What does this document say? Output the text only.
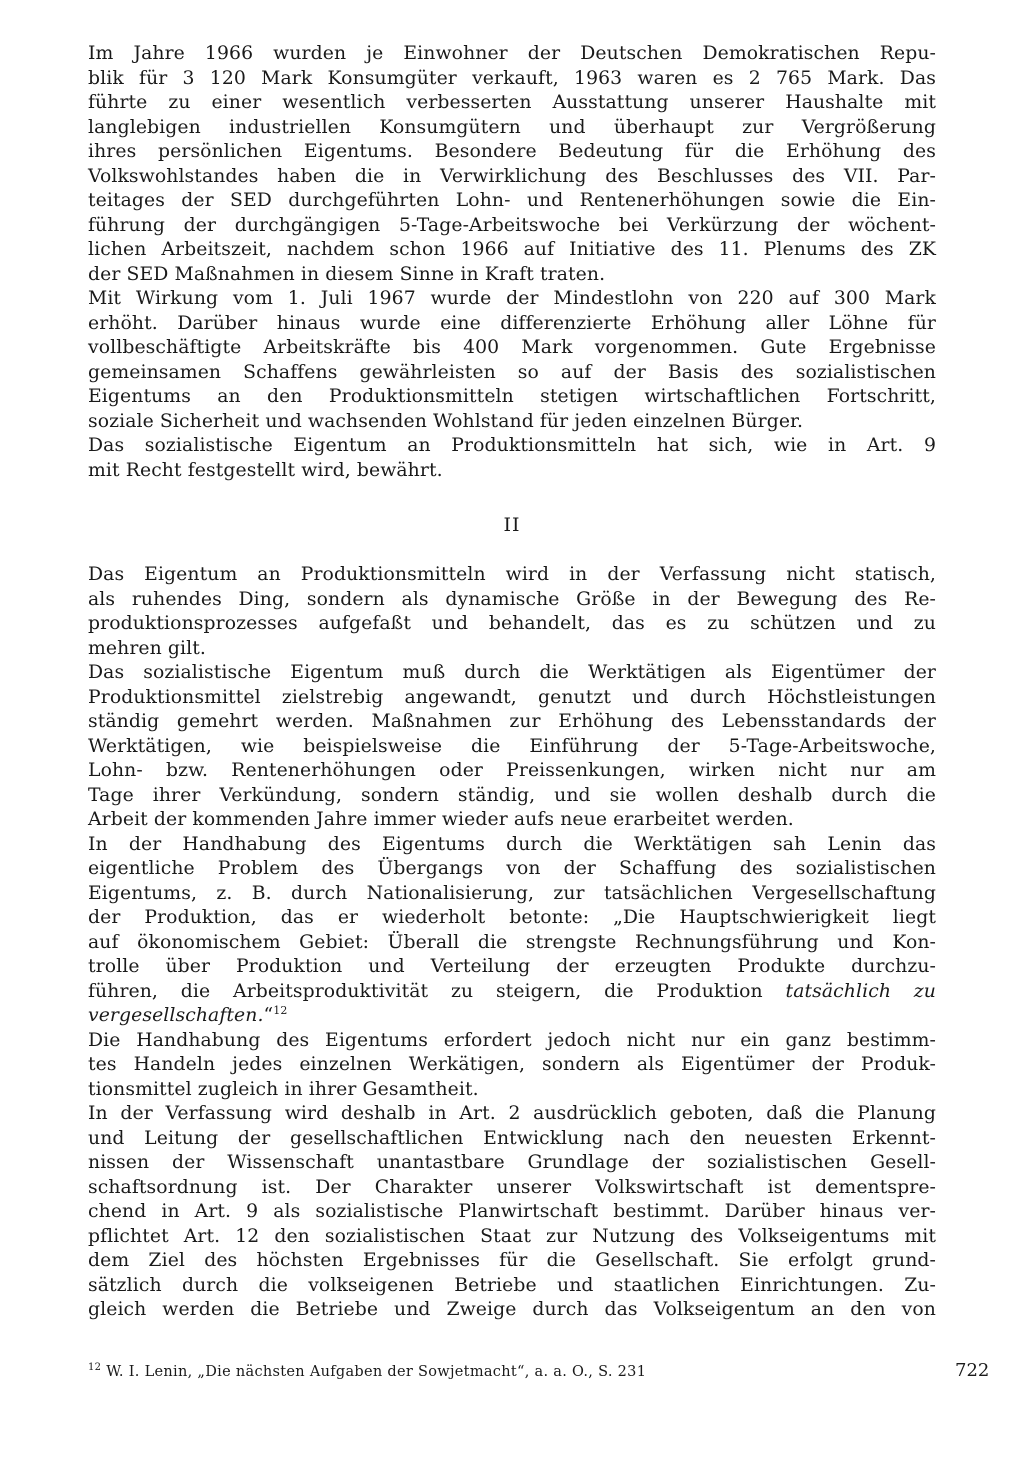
Im Jahre 1966 wurden je Einwohner der Deutschen Demokratischen Repu-
blik für 3 120 Mark Konsumgüter verkauft, 1963 waren es 2 765 Mark. Das
führte zu einer wesentlich verbesserten Ausstattung unserer Haushalte mit
langlebigen industriellen Konsumgütern und überhaupt zur Vergrößerung
ihres persönlichen Eigentums. Besondere Bedeutung für die Erhöhung des
Volkswohlstandes haben die in Verwirklichung des Beschlusses des VII. Par-
teitages der SED durchgeführten Lohn- und Rentenerhöhungen sowie die Ein-
führung der durchgängigen 5-Tage-Arbeitswoche bei Verkürzung der wöchent-
lichen Arbeitszeit, nachdem schon 1966 auf Initiative des 11. Plenums des ZK
der SED Maßnahmen in diesem Sinne in Kraft traten.
Mit Wirkung vom 1. Juli 1967 wurde der Mindestlohn von 220 auf 300 Mark
erhöht. Darüber hinaus wurde eine differenzierte Erhöhung aller Löhne für
vollbeschäftigte Arbeitskräfte bis 400 Mark vorgenommen. Gute Ergebnisse
gemeinsamen Schaffens gewährleisten so auf der Basis des sozialistischen
Eigentums an den Produktionsmitteln stetigen wirtschaftlichen Fortschritt,
soziale Sicherheit und wachsenden Wohlstand für jeden einzelnen Bürger.
Das sozialistische Eigentum an Produktionsmitteln hat sich, wie in Art. 9
mit Recht festgestellt wird, bewährt.
II
Das Eigentum an Produktionsmitteln wird in der Verfassung nicht statisch,
als ruhendes Ding, sondern als dynamische Größe in der Bewegung des Re-
produktionsprozesses aufgefaßt und behandelt, das es zu schützen und zu
mehren gilt.
Das sozialistische Eigentum muß durch die Werktätigen als Eigentümer der
Produktionsmittel zielstrebig angewandt, genutzt und durch Höchstleistungen
ständig gemehrt werden. Maßnahmen zur Erhöhung des Lebensstandards der
Werktätigen, wie beispielsweise die Einführung der 5-Tage-Arbeitswoche,
Lohn- bzw. Rentenerhöhungen oder Preissenkungen, wirken nicht nur am
Tage ihrer Verkündung, sondern ständig, und sie wollen deshalb durch die
Arbeit der kommenden Jahre immer wieder aufs neue erarbeitet werden.
In der Handhabung des Eigentums durch die Werktätigen sah Lenin das
eigentliche Problem des Übergangs von der Schaffung des sozialistischen
Eigentums, z. B. durch Nationalisierung, zur tatsächlichen Vergesellschaftung
der Produktion, das er wiederholt betonte: „Die Hauptschwierigkeit liegt
auf ökonomischem Gebiet: Überall die strengste Rechnungsführung und Kon-
trolle über Produktion und Verteilung der erzeugten Produkte durchzu-
führen, die Arbeitsproduktivität zu steigern, die Produktion tatsächlich zu
vergesellschaften.“$^{12}$
Die Handhabung des Eigentums erfordert jedoch nicht nur ein ganz bestimm-
tes Handeln jedes einzelnen Werkätigen, sondern als Eigentümer der Produk-
tionsmittel zugleich in ihrer Gesamtheit.
In der Verfassung wird deshalb in Art. 2 ausdrücklich geboten, daß die Planung
und Leitung der gesellschaftlichen Entwicklung nach den neuesten Erkennt-
nissen der Wissenschaft unantastbare Grundlage der sozialistischen Gesell-
schaftsordnung ist. Der Charakter unserer Volkswirtschaft ist dementspre-
chend in Art. 9 als sozialistische Planwirtschaft bestimmt. Darüber hinaus ver-
pflichtet Art. 12 den sozialistischen Staat zur Nutzung des Volkseigentums mit
dem Ziel des höchsten Ergebnisses für die Gesellschaft. Sie erfolgt grund-
sätzlich durch die volkseigenen Betriebe und staatlichen Einrichtungen. Zu-
gleich werden die Betriebe und Zweige durch das Volkseigentum an den von
$^{12}$ W. I. Lenin, „Die nächsten Aufgaben der Sowjetmacht“, a. a. O., S. 231	722
